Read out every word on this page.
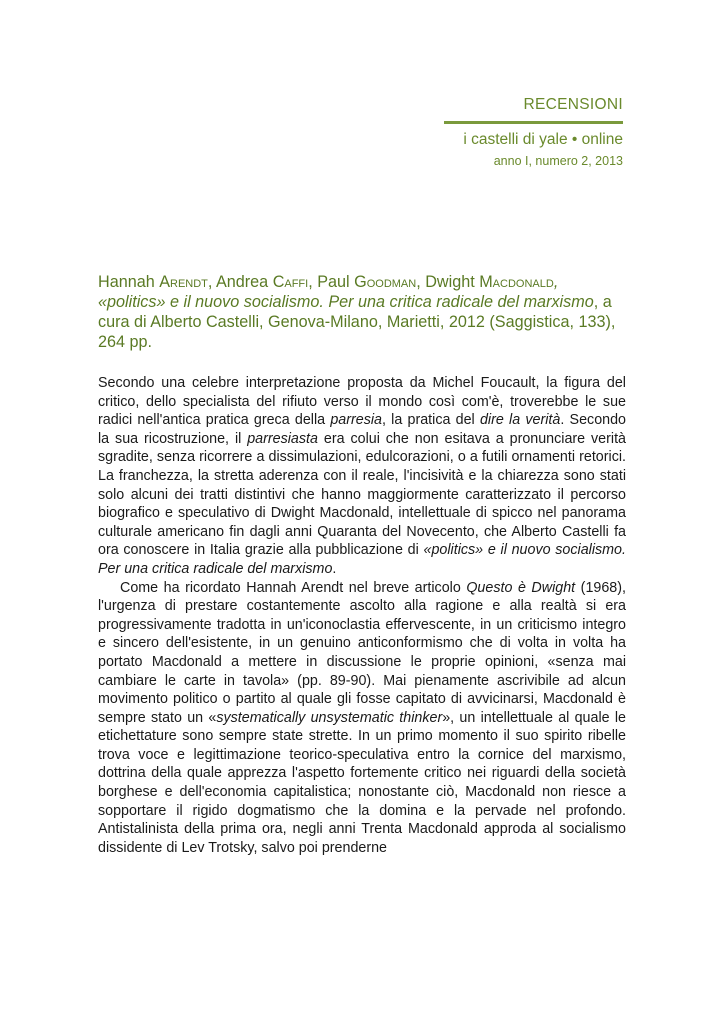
RECENSIONI
i castelli di yale • online
anno I, numero 2, 2013
Hannah Arendt, Andrea Caffi, Paul Goodman, Dwight Macdonald, «politics» e il nuovo socialismo. Per una critica radicale del marxismo, a cura di Alberto Castelli, Genova-Milano, Marietti, 2012 (Saggistica, 133), 264 pp.

Secondo una celebre interpretazione proposta da Michel Foucault, la figura del critico, dello specialista del rifiuto verso il mondo così com'è, troverebbe le sue radici nell'antica pratica greca della parresia, la pratica del dire la verità. Secondo la sua ricostruzione, il parresiasta era colui che non esitava a pronunciare verità sgradite, senza ricorrere a dissimulazioni, edulcorazioni, o a futili ornamenti retorici. La franchezza, la stretta aderenza con il reale, l'incisività e la chiarezza sono stati solo alcuni dei tratti distintivi che hanno maggiormente caratterizzato il percorso biografico e speculativo di Dwight Macdonald, intellettuale di spicco nel panorama culturale americano fin dagli anni Quaranta del Novecento, che Alberto Castelli fa ora conoscere in Italia grazie alla pubblicazione di «politics» e il nuovo socialismo. Per una critica radicale del marxismo.

Come ha ricordato Hannah Arendt nel breve articolo Questo è Dwight (1968), l'urgenza di prestare costantemente ascolto alla ragione e alla realtà si era progressivamente tradotta in un'iconoclastia effervescente, in un criticismo integro e sincero dell'esistente, in un genuino anticonformismo che di volta in volta ha portato Macdonald a mettere in discussione le proprie opinioni, «senza mai cambiare le carte in tavola» (pp. 89-90). Mai pienamente ascrivibile ad alcun movimento politico o partito al quale gli fosse capitato di avvicinarsi, Macdonald è sempre stato un «systematically unsystematic thinker», un intellettuale al quale le etichettature sono sempre state strette. In un primo momento il suo spirito ribelle trova voce e legittimazione teorico-speculativa entro la cornice del marxismo, dottrina della quale apprezza l'aspetto fortemente critico nei riguardi della società borghese e dell'economia capitalistica; nonostante ciò, Macdonald non riesce a sopportare il rigido dogmatismo che la domina e la pervade nel profondo. Antistalinista della prima ora, negli anni Trenta Macdonald approda al socialismo dissidente di Lev Trotsky, salvo poi prenderne
